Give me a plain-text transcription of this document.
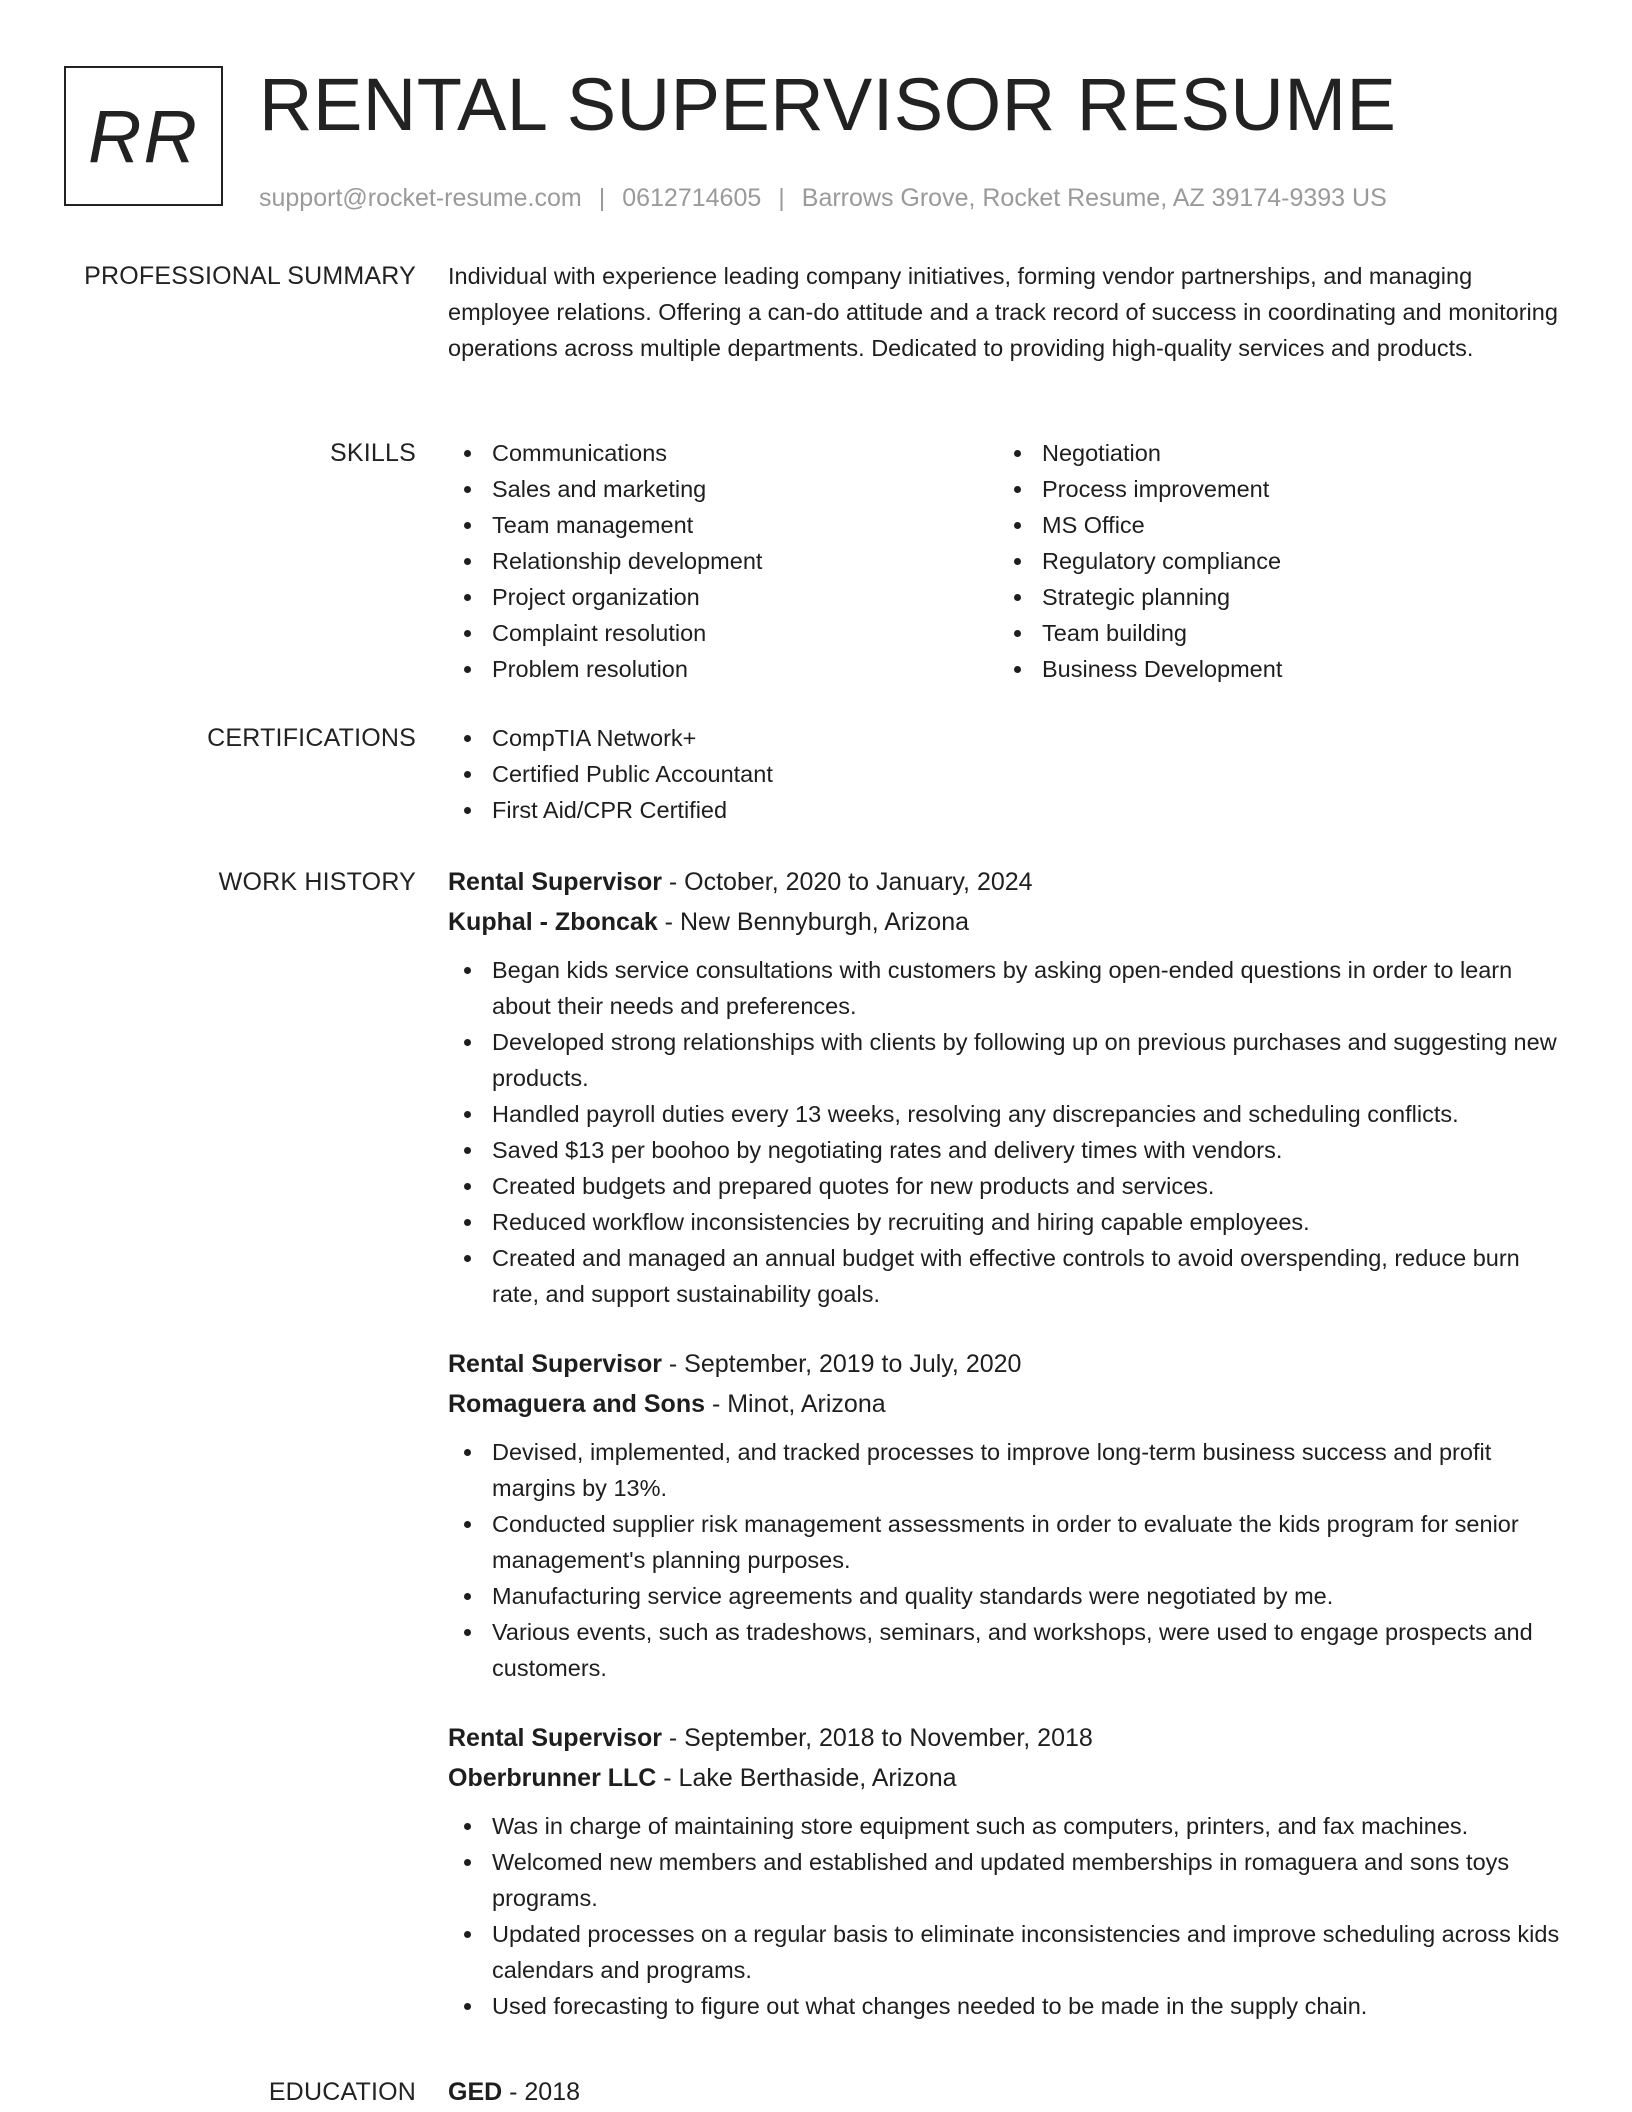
RR RENTAL SUPERVISOR RESUME
support@rocket-resume.com | 0612714605 | Barrows Grove, Rocket Resume, AZ 39174-9393 US
PROFESSIONAL SUMMARY Individual with experience leading company initiatives, forming vendor partnerships, and managing employee relations. Offering a can-do attitude and a track record of success in coordinating and monitoring operations across multiple departments. Dedicated to providing high-quality services and products.
SKILLS	Communications
Sales and marketing
Team management
Relationship development
Project organization
Complaint resolution
Problem resolution
Negotiation
Process improvement
MS Office
Regulatory compliance
Strategic planning
Team building
Business Development
CERTIFICATIONS	CompTIA Network+
Certified Public Accountant
First Aid/CPR Certified
WORK HISTORY Rental Supervisor - October, 2020 to January, 2024
Kuphal - Zboncak - New Bennyburgh, Arizona
Began kids service consultations with customers by asking open-ended questions in order to learn about their needs and preferences.
Developed strong relationships with clients by following up on previous purchases and suggesting new products.
Handled payroll duties every 13 weeks, resolving any discrepancies and scheduling conflicts.
Saved $13 per boohoo by negotiating rates and delivery times with vendors.
Created budgets and prepared quotes for new products and services.
Reduced workflow inconsistencies by recruiting and hiring capable employees.
Created and managed an annual budget with effective controls to avoid overspending, reduce burn rate, and support sustainability goals.
Rental Supervisor - September, 2019 to July, 2020
Romaguera and Sons - Minot, Arizona
Devised, implemented, and tracked processes to improve long-term business success and profit margins by 13%.
Conducted supplier risk management assessments in order to evaluate the kids program for senior management's planning purposes.
Manufacturing service agreements and quality standards were negotiated by me.
Various events, such as tradeshows, seminars, and workshops, were used to engage prospects and customers.
Rental Supervisor - September, 2018 to November, 2018
Oberbrunner LLC - Lake Berthaside, Arizona
Was in charge of maintaining store equipment such as computers, printers, and fax machines.
Welcomed new members and established and updated memberships in romaguera and sons toys programs.
Updated processes on a regular basis to eliminate inconsistencies and improve scheduling across kids calendars and programs.
Used forecasting to figure out what changes needed to be made in the supply chain.
EDUCATION GED - 2018
